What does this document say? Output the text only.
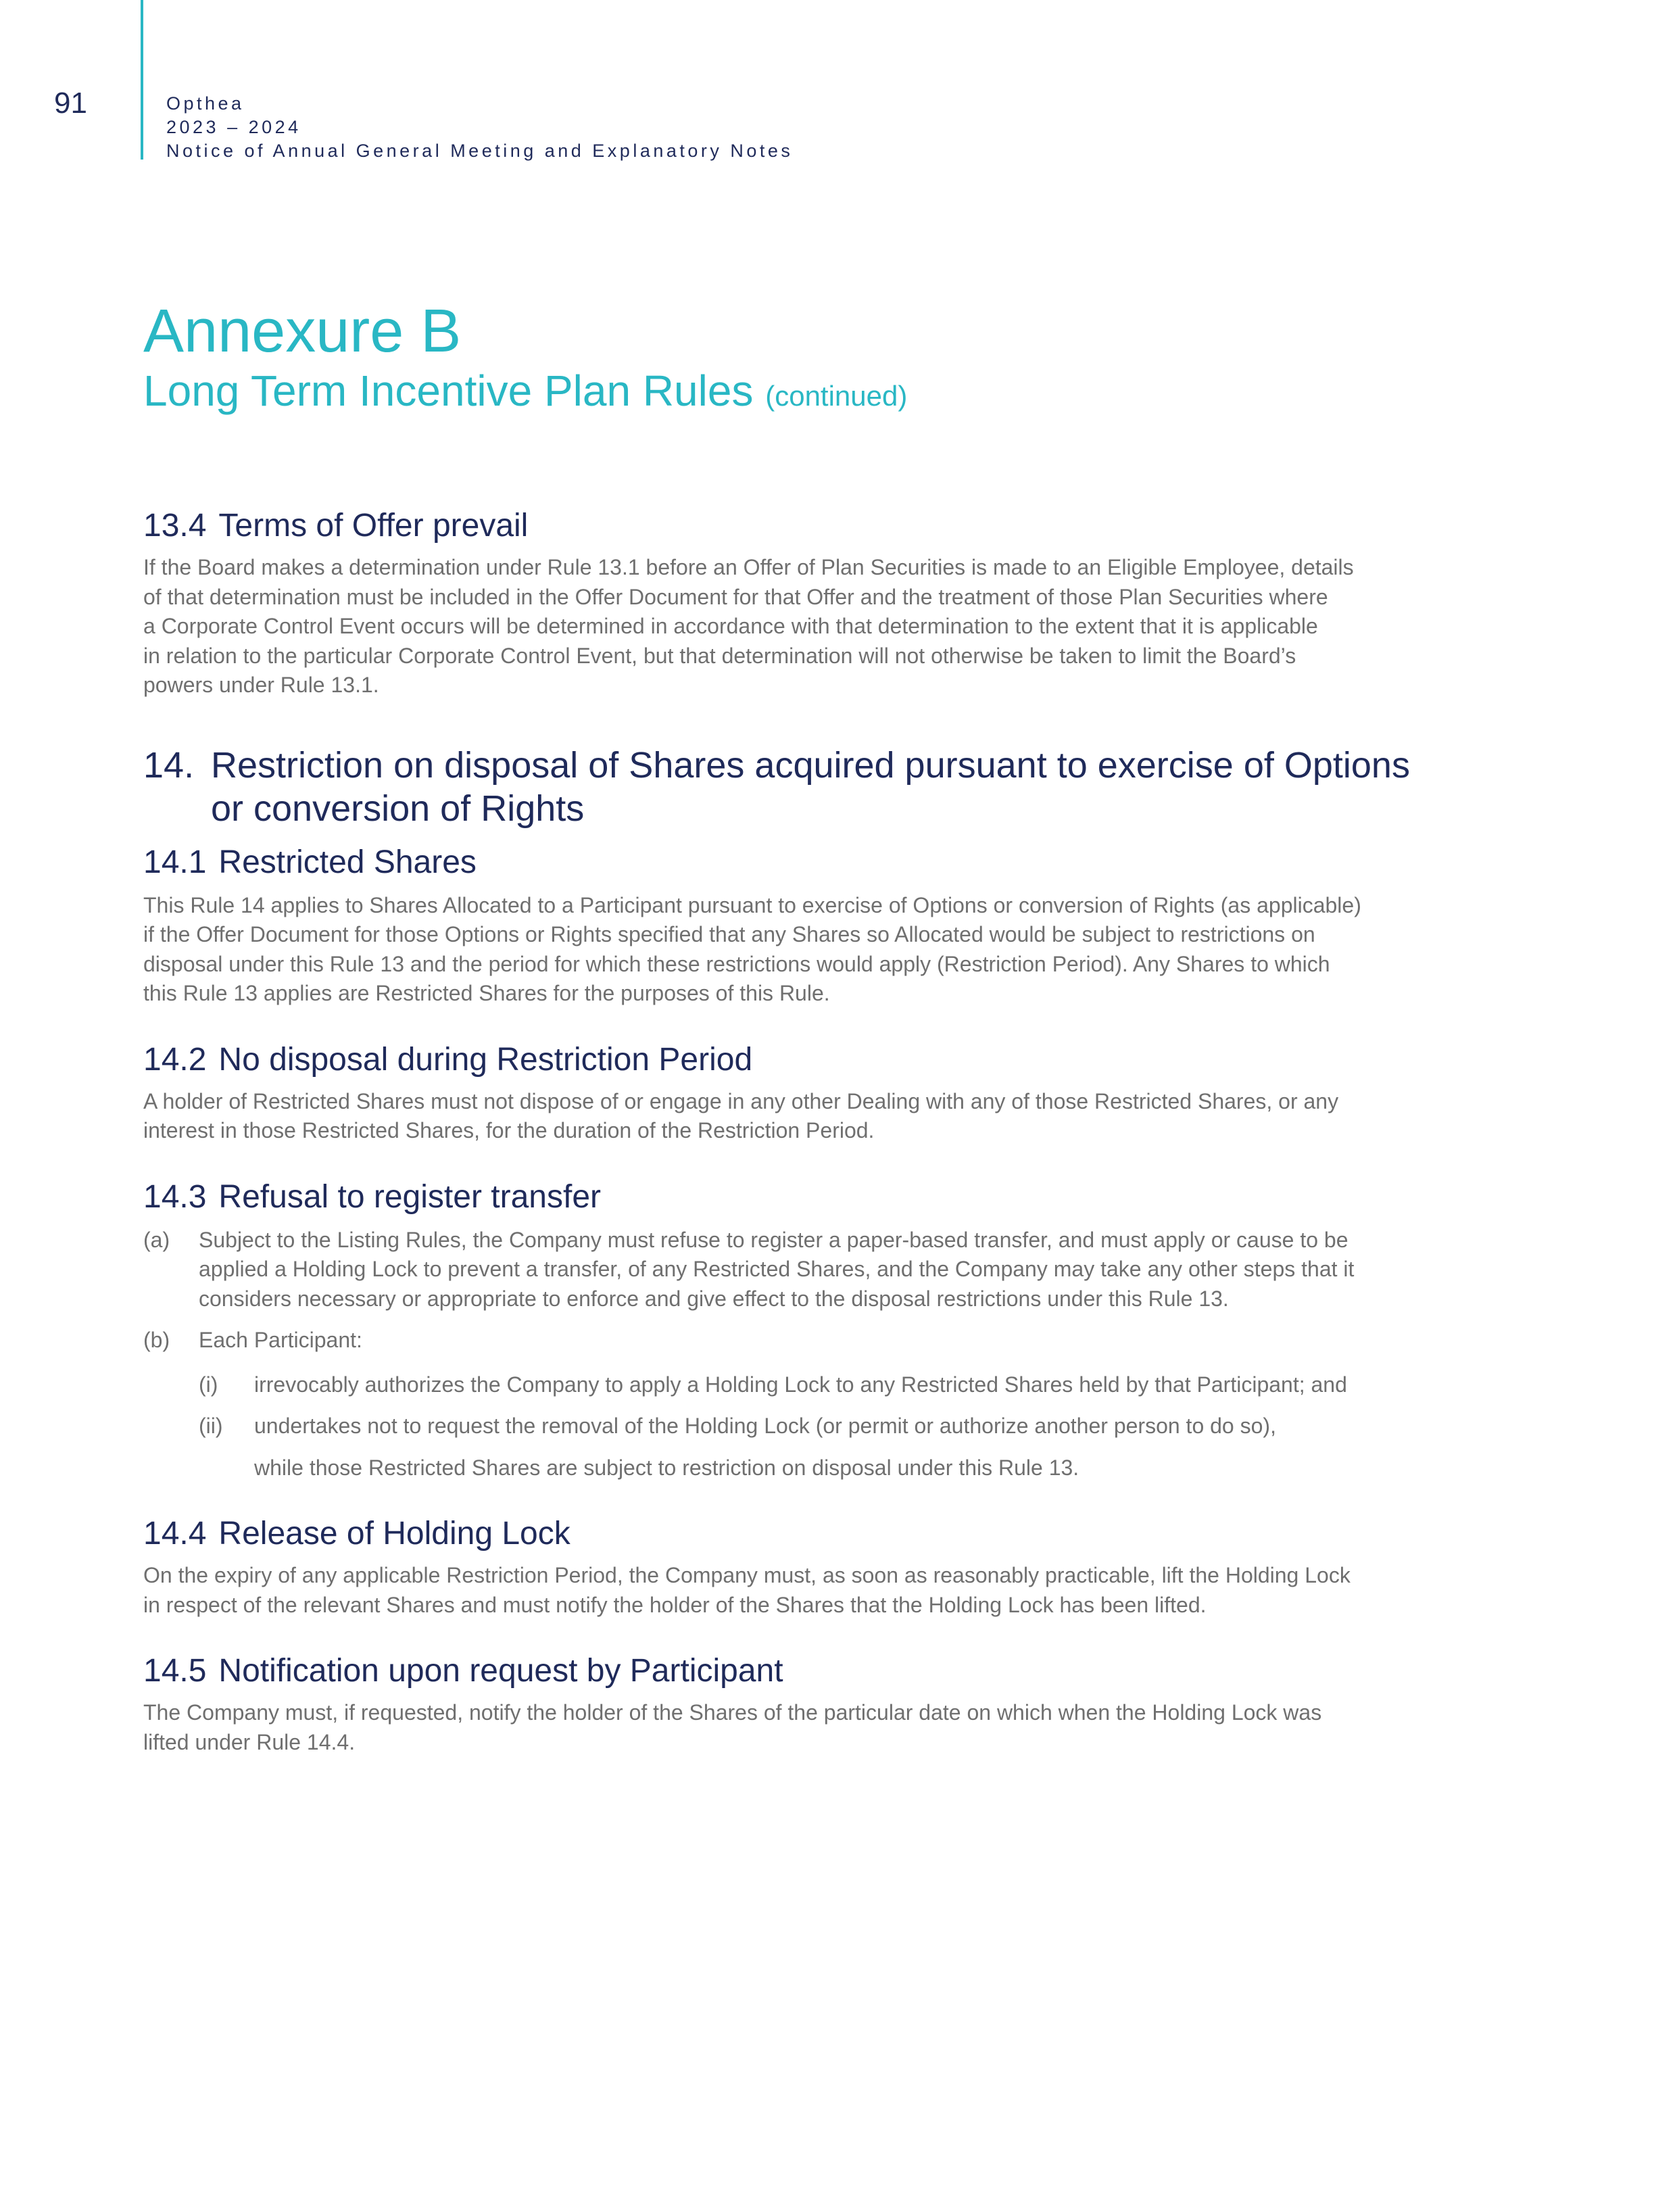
91	Opthea
2023 – 2024
Notice of Annual General Meeting and Explanatory Notes
Annexure B
Long Term Incentive Plan Rules (continued)
13.4 Terms of Offer prevail
If the Board makes a determination under Rule 13.1 before an Offer of Plan Securities is made to an Eligible Employee, details
of that determination must be included in the Offer Document for that Offer and the treatment of those Plan Securities where
a Corporate Control Event occurs will be determined in accordance with that determination to the extent that it is applicable
in relation to the particular Corporate Control Event, but that determination will not otherwise be taken to limit the Board’s
powers under Rule 13.1.
14. Restriction on disposal of Shares acquired pursuant to exercise of Options
or conversion of Rights
14.1 Restricted Shares
This Rule 14 applies to Shares Allocated to a Participant pursuant to exercise of Options or conversion of Rights (as applicable)
if the Offer Document for those Options or Rights specified that any Shares so Allocated would be subject to restrictions on
disposal under this Rule 13 and the period for which these restrictions would apply (Restriction Period). Any Shares to which
this Rule 13 applies are Restricted Shares for the purposes of this Rule.
14.2 No disposal during Restriction Period
A holder of Restricted Shares must not dispose of or engage in any other Dealing with any of those Restricted Shares, or any
interest in those Restricted Shares, for the duration of the Restriction Period.
14.3 Refusal to register transfer
(a) Subject to the Listing Rules, the Company must refuse to register a paper-based transfer, and must apply or cause to be
applied a Holding Lock to prevent a transfer, of any Restricted Shares, and the Company may take any other steps that it
considers necessary or appropriate to enforce and give effect to the disposal restrictions under this Rule 13.
(b) Each Participant:
(i) irrevocably authorizes the Company to apply a Holding Lock to any Restricted Shares held by that Participant; and
(ii) undertakes not to request the removal of the Holding Lock (or permit or authorize another person to do so),
while those Restricted Shares are subject to restriction on disposal under this Rule 13.
14.4 Release of Holding Lock
On the expiry of any applicable Restriction Period, the Company must, as soon as reasonably practicable, lift the Holding Lock
in respect of the relevant Shares and must notify the holder of the Shares that the Holding Lock has been lifted.
14.5 Notification upon request by Participant
The Company must, if requested, notify the holder of the Shares of the particular date on which when the Holding Lock was
lifted under Rule 14.4.
